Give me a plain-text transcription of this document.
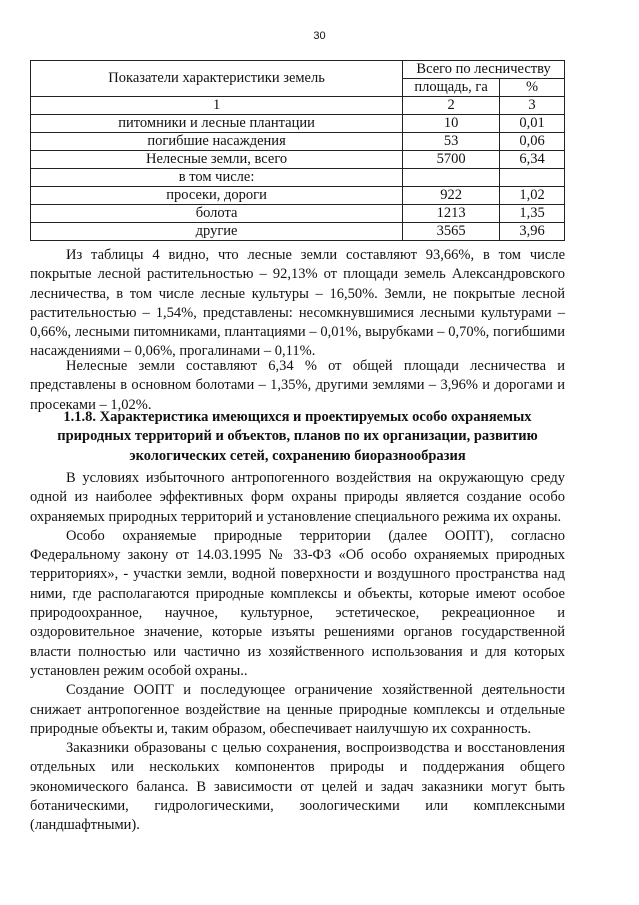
30
Показатели характеристики земель	Всего по лесничеству	
	площадь, га	%
1	2	3
питомники и лесные плантации	10	0,01
погибшие насаждения	53	0,06
Нелесные земли, всего	5700	6,34
в том числе:		
просеки, дороги	922	1,02
болота	1213	1,35
другие	3565	3,96

Из таблицы 4 видно, что лесные земли составляют 93,66%, в том числе покрытые лесной растительностью – 92,13% от площади земель Александровского лесничества, в том числе лесные культуры – 16,50%. Земли, не покрытые лесной растительностью – 1,54%, представлены: несомкнувшимися лесными культурами – 0,66%, лесными питомниками, плантациями – 0,01%, вырубками – 0,70%, погибшими насаждениями – 0,06%, прогалинами – 0,11%.

Нелесные земли составляют 6,34 % от общей площади лесничества и представлены в основном болотами – 1,35%, другими землями – 3,96% и дорогами и просеками – 1,02%.

1.1.8. Характеристика имеющихся и проектируемых особо охраняемых природных территорий и объектов, планов по их организации, развитию экологических сетей, сохранению биоразнообразия

В условиях избыточного антропогенного воздействия на окружающую среду одной из наиболее эффективных форм охраны природы является создание особо охраняемых природных территорий и установление специального режима их охраны.

Особо охраняемые природные территории (далее ООПТ), согласно Федеральному закону от 14.03.1995 № 33-ФЗ «Об особо охраняемых природных территориях», - участки земли, водной поверхности и воздушного пространства над ними, где располагаются природные комплексы и объекты, которые имеют особое природоохранное, научное, культурное, эстетическое, рекреационное и оздоровительное значение, которые изъяты решениями органов государственной власти полностью или частично из хозяйственного использования и для которых установлен режим особой охраны..

Создание ООПТ и последующее ограничение хозяйственной деятельности снижает антропогенное воздействие на ценные природные комплексы и отдельные природные объекты и, таким образом, обеспечивает наилучшую их сохранность.

Заказники образованы с целью сохранения, воспроизводства и восстановления отдельных или нескольких компонентов природы и поддержания общего экономического баланса. В зависимости от целей и задач заказники могут быть ботаническими, гидрологическими, зоологическими или комплексными (ландшафтными).
